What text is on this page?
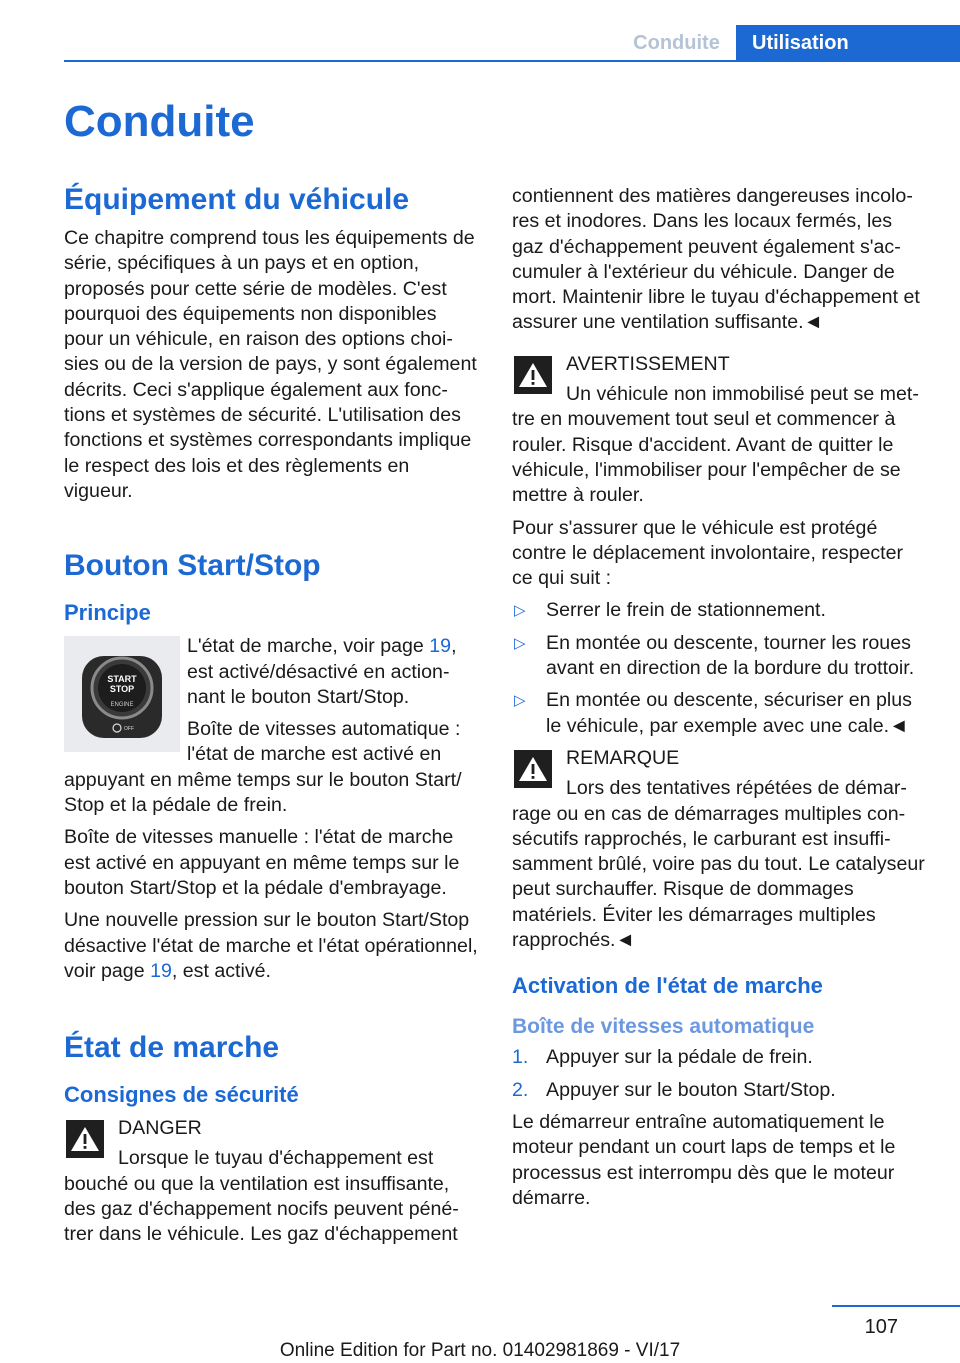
Conduite	Utilisation
Conduite
Équipement du véhicule

Ce chapitre comprend tous les équipements de série, spécifiques à un pays et en option, proposés pour cette série de modèles. C'est pourquoi des équipements non disponibles pour un véhicule, en raison des options choisies ou de la version de pays, y sont également décrits. Ceci s'applique également aux fonctions et systèmes de sécurité. L'utilisation des fonctions et systèmes correspondants implique le respect des lois et des règlements en vigueur.

Bouton Start/Stop
Principe
START
STOP
ENGINE
OFF

L'état de marche, voir page 19, est activé/désactivé en actionnant le bouton Start/Stop.

Boîte de vitesses automatique : l'état de marche est activé en appuyant en même temps sur le bouton Start/ Stop et la pédale de frein.

Boîte de vitesses manuelle : l'état de marche est activé en appuyant en même temps sur le bouton Start/Stop et la pédale d'embrayage.

Une nouvelle pression sur le bouton Start/Stop désactive l'état de marche et l'état opérationnel, voir page 19, est activé.

État de marche
Consignes de sécurité
DANGER
Lorsque le tuyau d'échappement est bouché ou que la ventilation est insuffisante, des gaz d'échappement nocifs peuvent pénétrer dans le véhicule. Les gaz d'échappement

contiennent des matières dangereuses incolores et inodores. Dans les locaux fermés, les gaz d'échappement peuvent également s'accumuler à l'extérieur du véhicule. Danger de mort. Maintenir libre le tuyau d'échappement et assurer une ventilation suffisante.◄

AVERTISSEMENT
Un véhicule non immobilisé peut se mettre en mouvement tout seul et commencer à rouler. Risque d'accident. Avant de quitter le véhicule, l'immobiliser pour l'empêcher de se mettre à rouler.

Pour s'assurer que le véhicule est protégé contre le déplacement involontaire, respecter ce qui suit :

▷ Serrer le frein de stationnement.
▷ En montée ou descente, tourner les roues avant en direction de la bordure du trottoir.
▷ En montée ou descente, sécuriser en plus le véhicule, par exemple avec une cale.◄
REMARQUE
Lors des tentatives répétées de démarrage ou en cas de démarrages multiples consécutifs rapprochés, le carburant est insuffisamment brûlé, voire pas du tout. Le catalyseur peut surchauffer. Risque de dommages matériels. Éviter les démarrages multiples rapprochés.◄
Activation de l'état de marche
Boîte de vitesses automatique
1. Appuyer sur la pédale de frein.
2. Appuyer sur le bouton Start/Stop.

Le démarreur entraîne automatiquement le moteur pendant un court laps de temps et le processus est interrompu dès que le moteur démarre.

107
Online Edition for Part no. 01402981869 - VI/17
